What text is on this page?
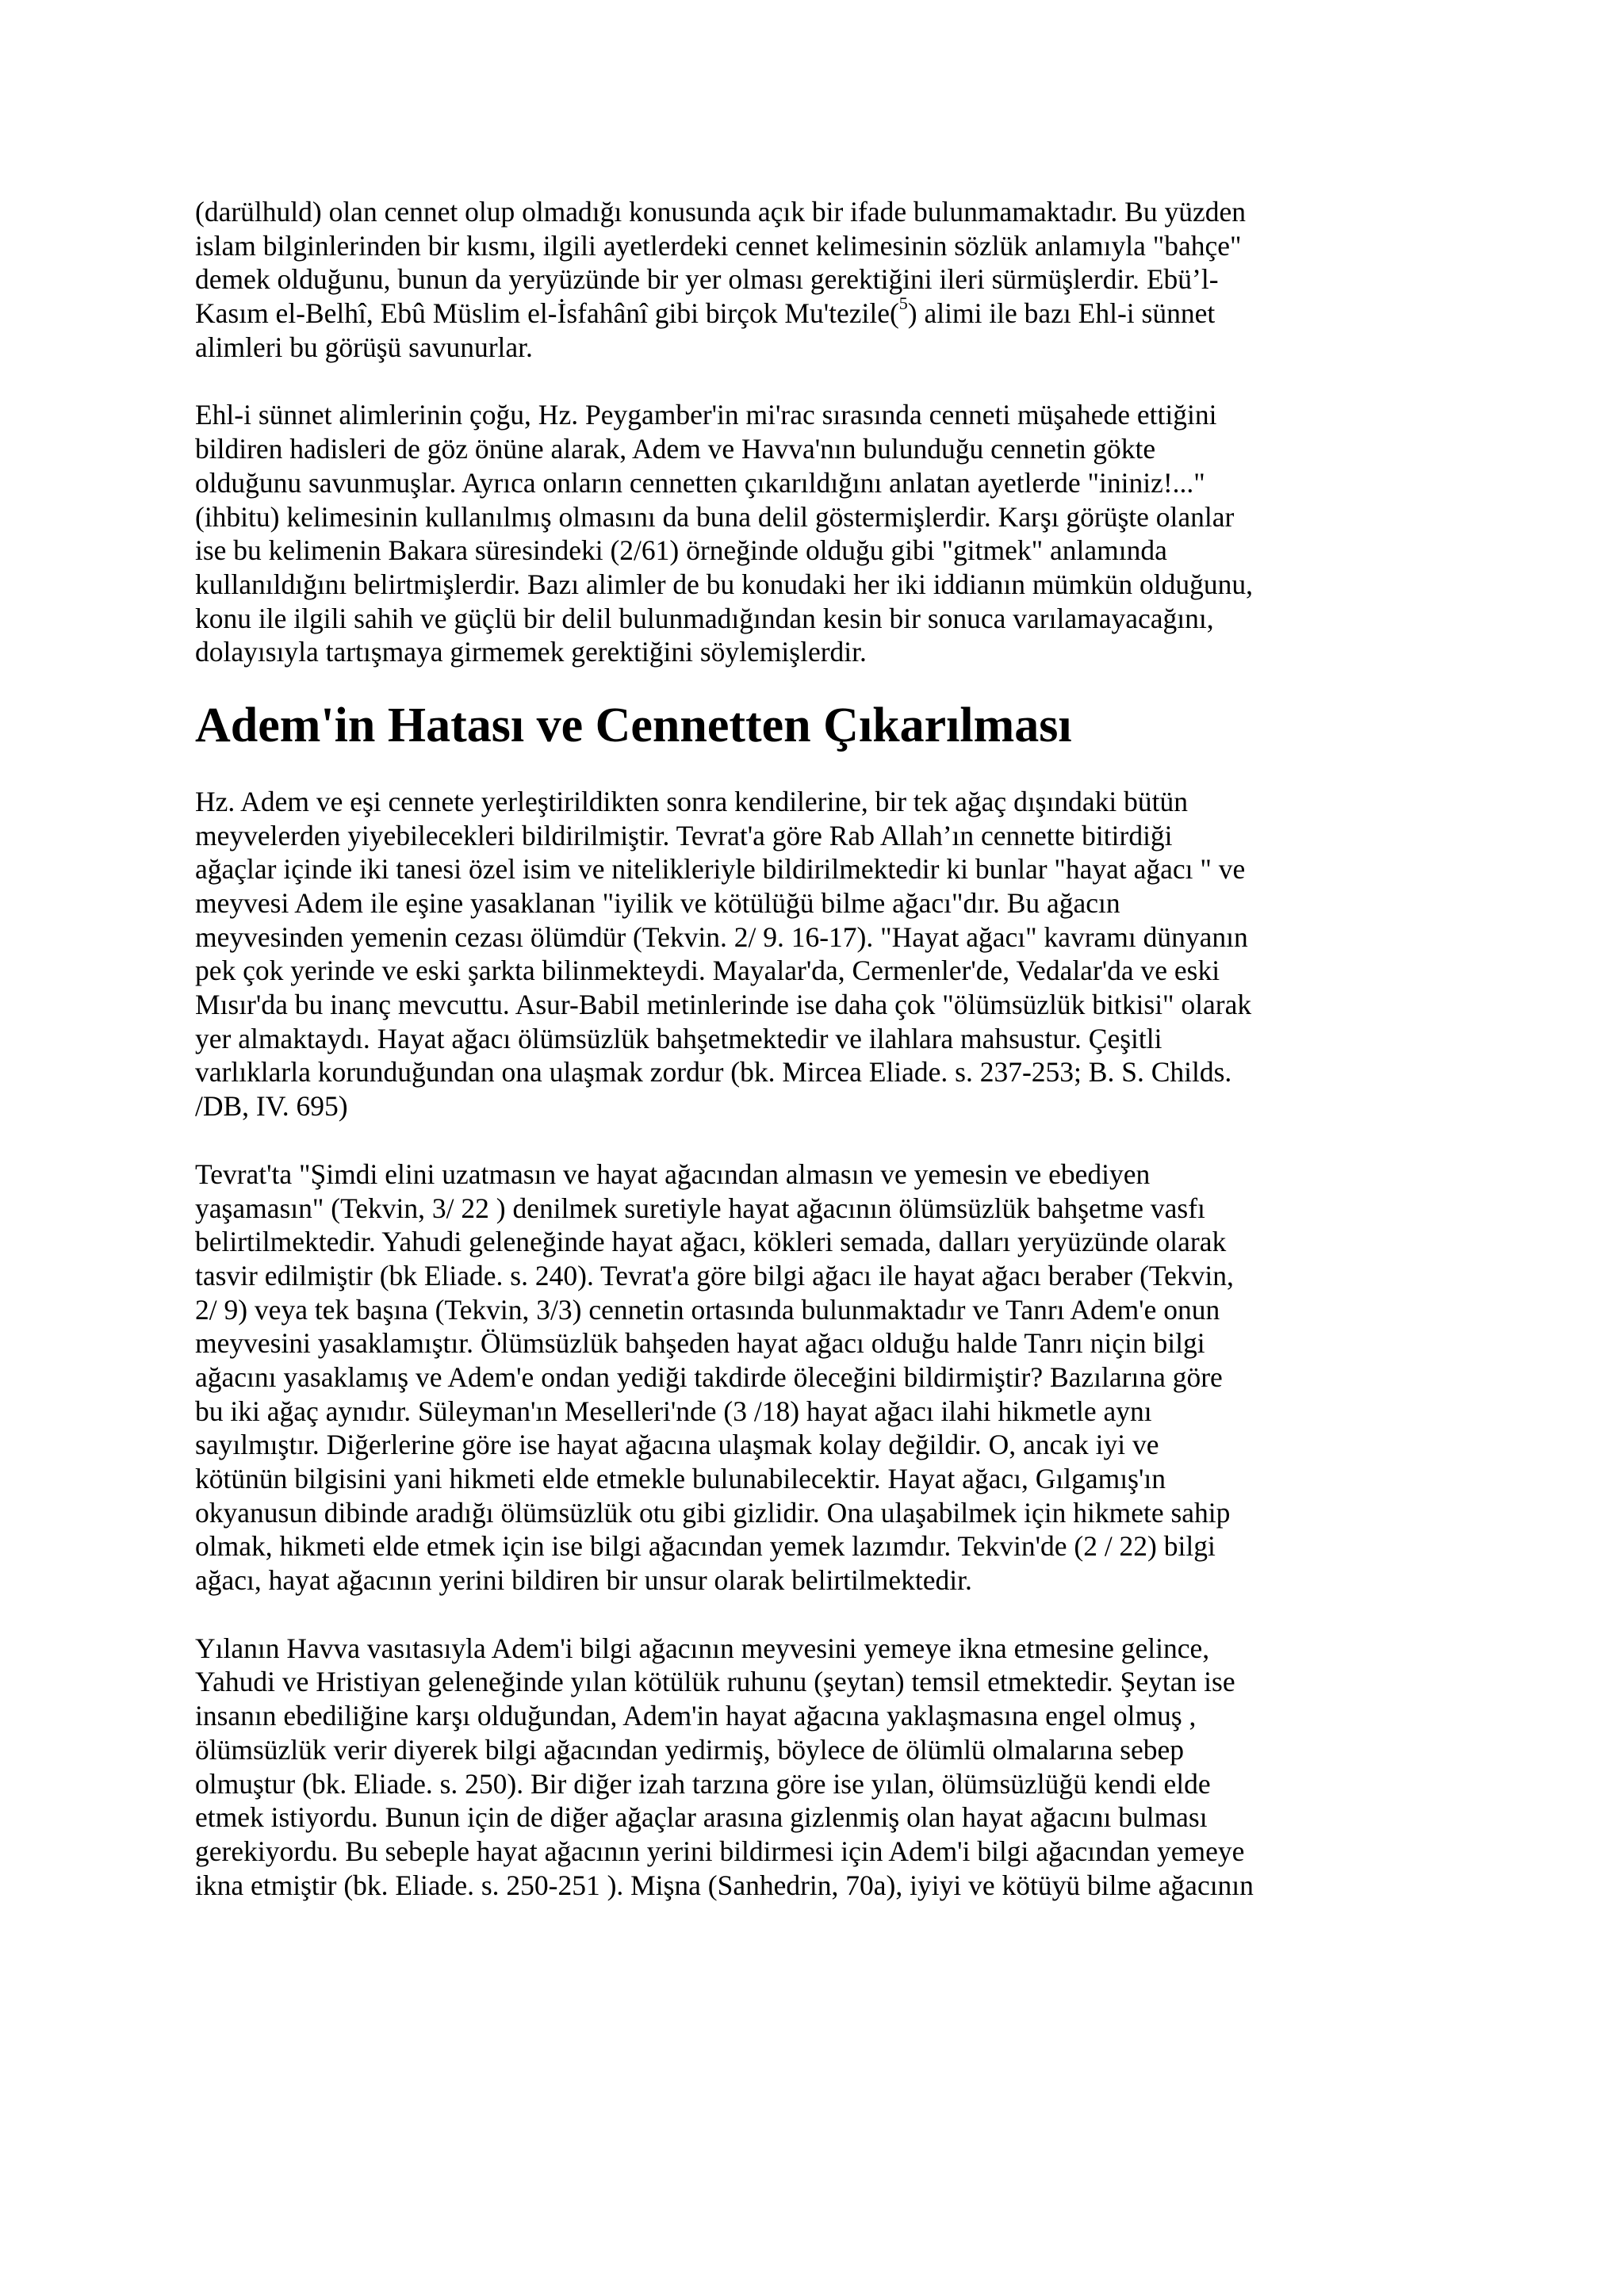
(darülhuld) olan cennet olup olmadığı konusunda açık bir ifade bulunmamaktadır. Bu yüzden
islam bilginlerinden bir kısmı, ilgili ayetlerdeki cennet kelimesinin sözlük anlamıyla "bahçe"
demek olduğunu, bunun da yeryüzünde bir yer olması gerektiğini ileri sürmüşlerdir. Ebü’l-
Kasım el-Belhî, Ebû Müslim el-İsfahânî gibi birçok Mu'tezile($^5$) alimi ile bazı Ehl-i sünnet
alimleri bu görüşü savunurlar.
Ehl-i sünnet alimlerinin çoğu, Hz. Peygamber'in mi'rac sırasında cenneti müşahede ettiğini
bildiren hadisleri de göz önüne alarak, Adem ve Havva'nın bulunduğu cennetin gökte
olduğunu savunmuşlar. Ayrıca onların cennetten çıkarıldığını anlatan ayetlerde "ininiz!..."
(ihbitu) kelimesinin kullanılmış olmasını da buna delil göstermişlerdir. Karşı görüşte olanlar
ise bu kelimenin Bakara süresindeki (2/61) örneğinde olduğu gibi "gitmek" anlamında
kullanıldığını belirtmişlerdir. Bazı alimler de bu konudaki her iki iddianın mümkün olduğunu,
konu ile ilgili sahih ve güçlü bir delil bulunmadığından kesin bir sonuca varılamayacağını,
dolayısıyla tartışmaya girmemek gerektiğini söylemişlerdir.
Adem'in Hatası ve Cennetten Çıkarılması
Hz. Adem ve eşi cennete yerleştirildikten sonra kendilerine, bir tek ağaç dışındaki bütün
meyvelerden yiyebilecekleri bildirilmiştir. Tevrat'a göre Rab Allah’ın cennette bitirdiği
ağaçlar içinde iki tanesi özel isim ve nitelikleriyle bildirilmektedir ki bunlar "hayat ağacı " ve
meyvesi Adem ile eşine yasaklanan "iyilik ve kötülüğü bilme ağacı"dır. Bu ağacın
meyvesinden yemenin cezası ölümdür (Tekvin. 2/ 9. 16-17). "Hayat ağacı" kavramı dünyanın
pek çok yerinde ve eski şarkta bilinmekteydi. Mayalar'da, Cermenler'de, Vedalar'da ve eski
Mısır'da bu inanç mevcuttu. Asur-Babil metinlerinde ise daha çok "ölümsüzlük bitkisi" olarak
yer almaktaydı. Hayat ağacı ölümsüzlük bahşetmektedir ve ilahlara mahsustur. Çeşitli
varlıklarla korunduğundan ona ulaşmak zordur (bk. Mircea Eliade. s. 237-253; B. S. Childs.
/DB, IV. 695)
Tevrat'ta "Şimdi elini uzatmasın ve hayat ağacından almasın ve yemesin ve ebediyen
yaşamasın" (Tekvin, 3/ 22 ) denilmek suretiyle hayat ağacının ölümsüzlük bahşetme vasfı
belirtilmektedir. Yahudi geleneğinde hayat ağacı, kökleri semada, dalları yeryüzünde olarak
tasvir edilmiştir (bk Eliade. s. 240). Tevrat'a göre bilgi ağacı ile hayat ağacı beraber (Tekvin,
2/ 9) veya tek başına (Tekvin, 3/3) cennetin ortasında bulunmaktadır ve Tanrı Adem'e onun
meyvesini yasaklamıştır. Ölümsüzlük bahşeden hayat ağacı olduğu halde Tanrı niçin bilgi
ağacını yasaklamış ve Adem'e ondan yediği takdirde öleceğini bildirmiştir? Bazılarına göre
bu iki ağaç aynıdır. Süleyman'ın Meselleri'nde (3 /18) hayat ağacı ilahi hikmetle aynı
sayılmıştır. Diğerlerine göre ise hayat ağacına ulaşmak kolay değildir. O, ancak iyi ve
kötünün bilgisini yani hikmeti elde etmekle bulunabilecektir. Hayat ağacı, Gılgamış'ın
okyanusun dibinde aradığı ölümsüzlük otu gibi gizlidir. Ona ulaşabilmek için hikmete sahip
olmak, hikmeti elde etmek için ise bilgi ağacından yemek lazımdır. Tekvin'de (2 / 22) bilgi
ağacı, hayat ağacının yerini bildiren bir unsur olarak belirtilmektedir.
Yılanın Havva vasıtasıyla Adem'i bilgi ağacının meyvesini yemeye ikna etmesine gelince,
Yahudi ve Hristiyan geleneğinde yılan kötülük ruhunu (şeytan) temsil etmektedir. Şeytan ise
insanın ebediliğine karşı olduğundan, Adem'in hayat ağacına yaklaşmasına engel olmuş ,
ölümsüzlük verir diyerek bilgi ağacından yedirmiş, böylece de ölümlü olmalarına sebep
olmuştur (bk. Eliade. s. 250). Bir diğer izah tarzına göre ise yılan, ölümsüzlüğü kendi elde
etmek istiyordu. Bunun için de diğer ağaçlar arasına gizlenmiş olan hayat ağacını bulması
gerekiyordu. Bu sebeple hayat ağacının yerini bildirmesi için Adem'i bilgi ağacından yemeye
ikna etmiştir (bk. Eliade. s. 250-251 ). Mişna (Sanhedrin, 70a), iyiyi ve kötüyü bilme ağacının
